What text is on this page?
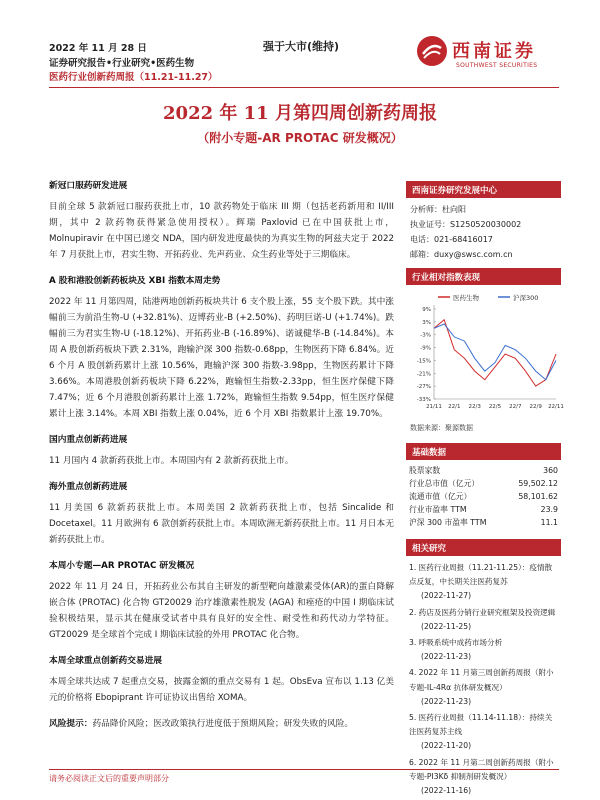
2022 年 11 月 28 日
证券研究报告•行业研究•医药生物
医药行业创新药周报（11.21-11.27）
强于大市(维持)	西南证券
SOUTHWEST SECURITIES
2022 年 11 月第四周创新药周报
（附小专题-AR PROTAC 研发概况）
新冠口服药研发进展
目前全球 5 款新冠口服药获批上市，10 款药物处于临床 III 期（包括老药新用和 II/III 期，其中 2 款药物获得紧急使用授权）。辉瑞 Paxlovid 已在中国获批上市，Molnupiravir 在中国已递交 NDA，国内研发进度最快的为真实生物的阿兹夫定于 2022 年 7 月获批上市，君实生物、开拓药业、先声药业、众生药业等处于三期临床。
A 股和港股创新药板块及 XBI 指数本周走势
2022 年 11 月第四周，陆港两地创新药板块共计 6 支个股上涨，55 支个股下跌。其中涨幅前三为前沿生物-U (+32.81%)、迈博药业-B (+2.50%)、药明巨诺-U (+1.74%)。跌幅前三为君实生物-U (-18.12%)、开拓药业-B (-16.89%)、诺诚健华-B (-14.84%)。本周 A 股创新药板块下跌 2.31%，跑输沪深 300 指数-0.68pp，生物医药下降 6.84%。近 6 个月 A 股创新药累计上涨 10.56%，跑输沪深 300 指数-3.98pp，生物医药累计下降 3.66%。本周港股创新药板块下降 6.22%，跑输恒生指数-2.33pp，恒生医疗保健下降 7.47%；近 6 个月港股创新药累计上涨 1.72%，跑输恒生指数 9.54pp，恒生医疗保健累计上涨 3.14%。本周 XBI 指数上涨 0.04%，近 6 个月 XBI 指数累计上涨 19.70%。
国内重点创新药进展
11 月国内 4 款新药获批上市。本周国内有 2 款新药获批上市。
海外重点创新药进展
11 月美国 6 款新药获批上市。本周美国 2 款新药获批上市，包括 Sincalide 和 Docetaxel。11 月欧洲有 6 款创新药获批上市。本周欧洲无新药获批上市。11 月日本无新药获批上市。
本周小专题—AR PROTAC 研发概况
2022 年 11 月 24 日，开拓药业公布其自主研发的新型靶向雄激素受体(AR)的蛋白降解嵌合体 (PROTAC) 化合物 GT20029 治疗雄激素性脱发 (AGA) 和痤疮的中国 I 期临床试验积极结果，显示其在健康受试者中具有良好的安全性、耐受性和药代动力学特征。GT20029 是全球首个完成 I 期临床试验的外用 PROTAC 化合物。
本周全球重点创新药交易进展
本周全球共达成 7 起重点交易，披露金额的重点交易有 1 起。ObsEva 宣布以 1.13 亿美元的价格将 Ebopiprant 许可证协议出售给 XOMA。
风险提示：药品降价风险；医改政策执行进度低于预期风险；研发失败的风险。
西南证券研究发展中心
分析师：杜向阳
执业证号：S1250520030002
电话：021-68416017
邮箱：duxy@swsc.com.cn
行业相对指数表现
医药生物	沪深300
9%
3%
-3%
-9%
-15%
-21%
-27%
-33%
21/11 22/1 22/3 22/5 22/7 22/9 22/11
数据来源：聚源数据
基础数据
股票家数	360
行业总市值（亿元）	59,502.12
流通市值（亿元）	58,101.62
行业市盈率 TTM	23.9
沪深 300 市盈率 TTM	11.1
相关研究
1. 医药行业周报（11.21-11.25）：疫情散点反复，中长期关注医药复苏
(2022-11-27)
2. 药店及医药分销行业研究框架及投资逻辑
(2022-11-25)
3. 呼吸系统中成药市场分析
(2022-11-23)
4. 2022 年 11 月第三周创新药周报（附小专题-IL-4Rα 抗体研发概况）
(2022-11-23)
5. 医药行业周报（11.14-11.18）：持续关注医药复苏主线
(2022-11-20)
6. 2022 年 11 月第二周创新药周报（附小专题-PI3Kδ 抑制剂研发概况）
(2022-11-16)
请务必阅读正文后的重要声明部分
